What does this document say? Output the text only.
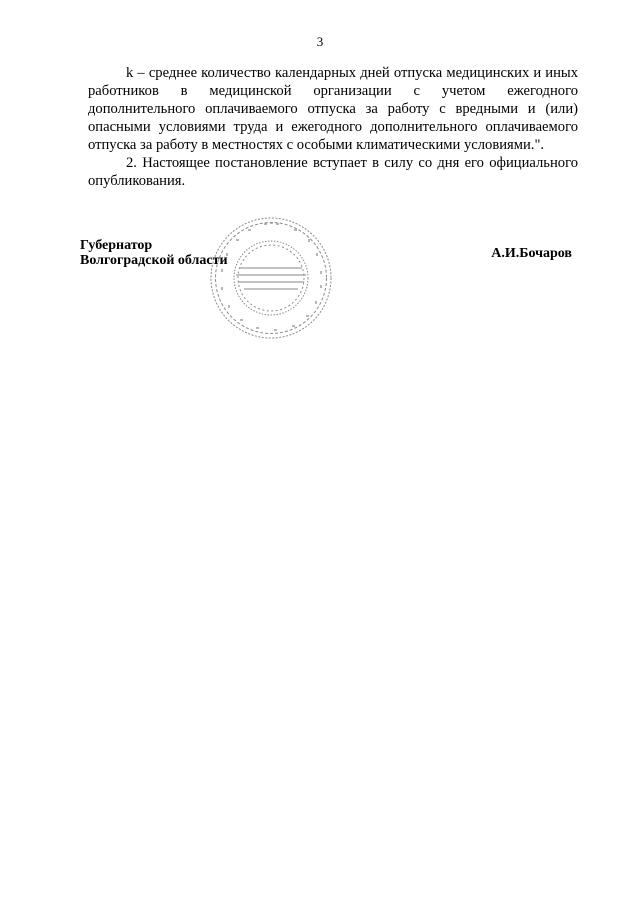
3

k – среднее количество календарных дней отпуска медицинских и иных работников в медицинской организации с учетом ежегодного дополнительного оплачиваемого отпуска за работу с вредными и (или) опасными условиями труда и ежегодного дополнительного оплачиваемого отпуска за работу в местностях с особыми климатическими условиями.".

2. Настоящее постановление вступает в силу со дня его официального опубликования.

Губернатор
Волгоградской области	А.И.Бочаров
